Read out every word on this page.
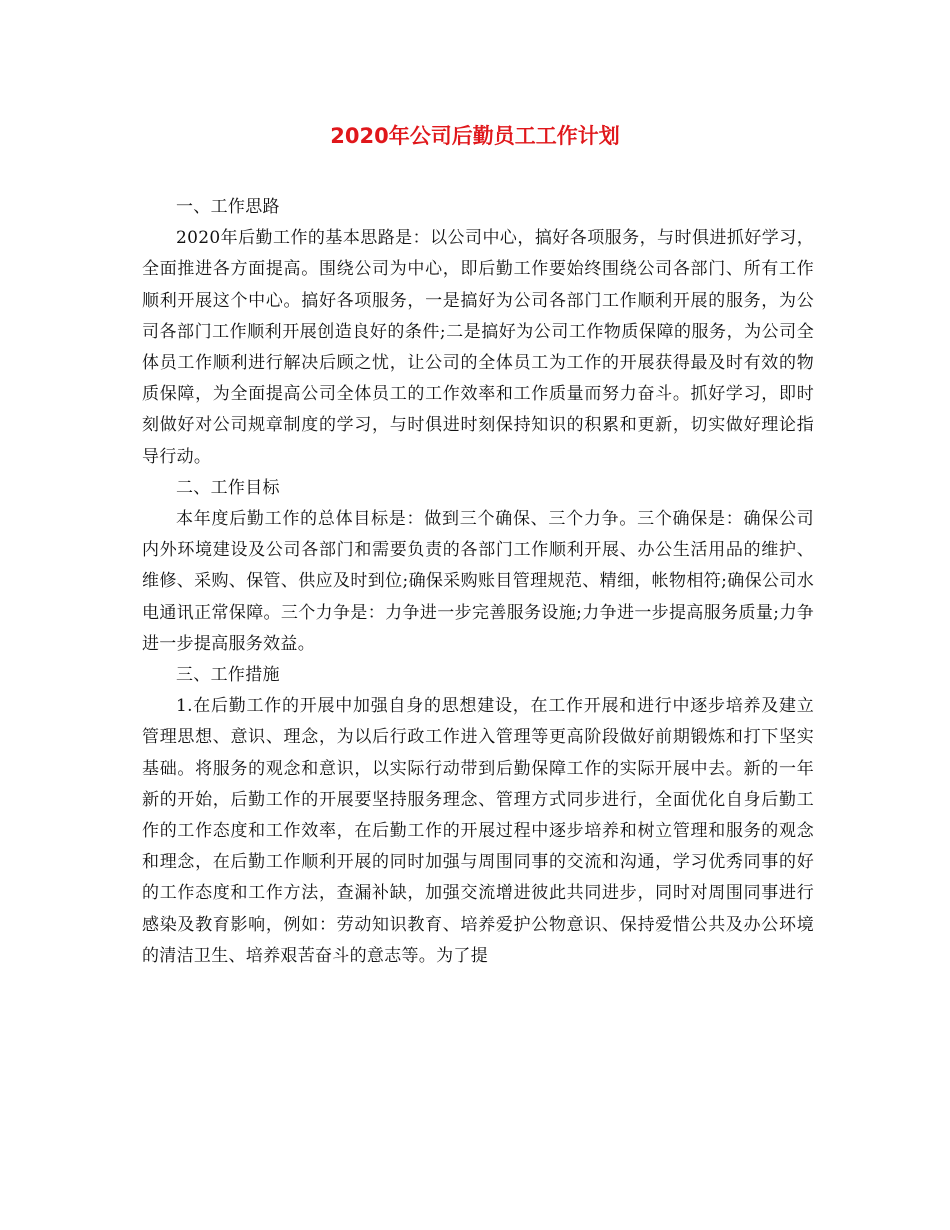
2020年公司后勤员工工作计划

一、工作思路

2020年后勤工作的基本思路是：以公司中心，搞好各项服务，与时俱进抓好学习，全面推进各方面提高。围绕公司为中心，即后勤工作要始终围绕公司各部门、所有工作顺利开展这个中心。搞好各项服务，一是搞好为公司各部门工作顺利开展的服务，为公司各部门工作顺利开展创造良好的条件;二是搞好为公司工作物质保障的服务，为公司全体员工作顺利进行解决后顾之忧，让公司的全体员工为工作的开展获得最及时有效的物质保障，为全面提高公司全体员工的工作效率和工作质量而努力奋斗。抓好学习，即时刻做好对公司规章制度的学习，与时俱进时刻保持知识的积累和更新，切实做好理论指导行动。

二、工作目标

本年度后勤工作的总体目标是：做到三个确保、三个力争。三个确保是：确保公司内外环境建设及公司各部门和需要负责的各部门工作顺利开展、办公生活用品的维护、维修、采购、保管、供应及时到位;确保采购账目管理规范、精细，帐物相符;确保公司水电通讯正常保障。三个力争是：力争进一步完善服务设施;力争进一步提高服务质量;力争进一步提高服务效益。

三、工作措施

1.在后勤工作的开展中加强自身的思想建设，在工作开展和进行中逐步培养及建立管理思想、意识、理念，为以后行政工作进入管理等更高阶段做好前期锻炼和打下坚实基础。将服务的观念和意识，以实际行动带到后勤保障工作的实际开展中去。新的一年新的开始，后勤工作的开展要坚持服务理念、管理方式同步进行，全面优化自身后勤工作的工作态度和工作效率，在后勤工作的开展过程中逐步培养和树立管理和服务的观念和理念，在后勤工作顺利开展的同时加强与周围同事的交流和沟通，学习优秀同事的好的工作态度和工作方法，查漏补缺，加强交流增进彼此共同进步，同时对周围同事进行感染及教育影响，例如：劳动知识教育、培养爱护公物意识、保持爱惜公共及办公环境的清洁卫生、培养艰苦奋斗的意志等。为了提
